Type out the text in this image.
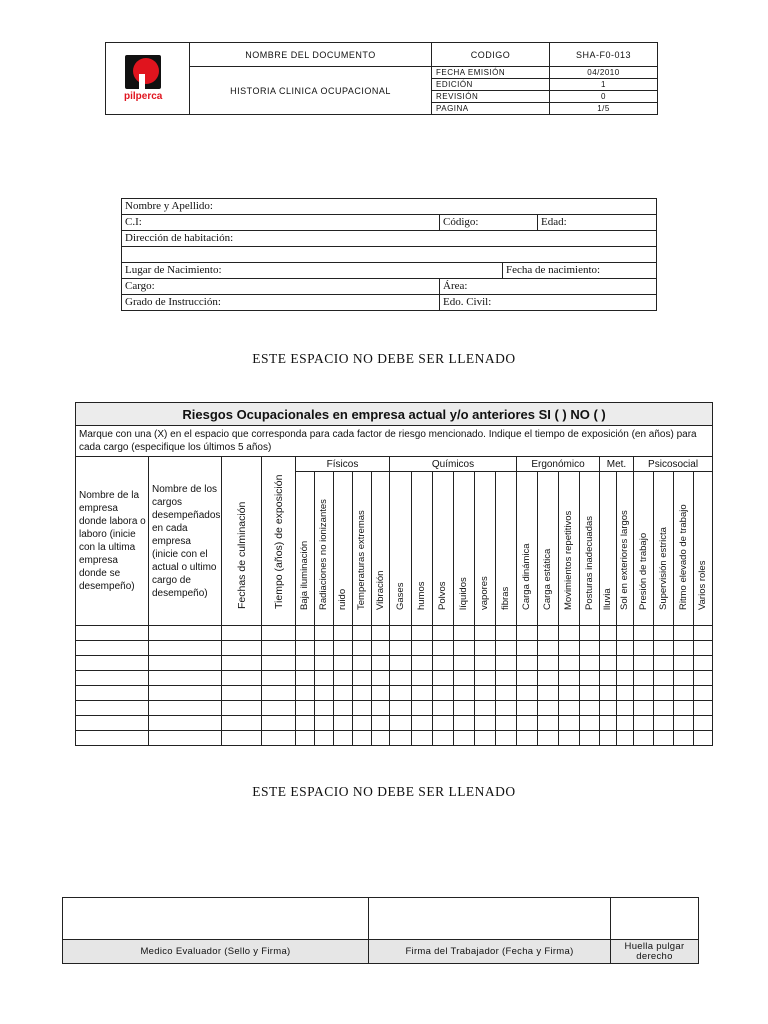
pilperca	NOMBRE DEL DOCUMENTO	CODIGO	SHA-F0-013
	HISTORIA CLINICA OCUPACIONAL		
		FECHA EMISIÓN	04/2010
		EDICIÓN	1
		REVISIÓN	0
		PAGINA	1/5
Nombre y Apellido:			
C.I:	Código:		Edad:
Dirección de habitación:			

Lugar de Nacimiento:		Fecha de nacimiento:	
Cargo:	Área:		
Grado de Instrucción:	Edo. Civil:		
ESTE ESPACIO NO DEBE SER LLENADO
Riesgos Ocupacionales en empresa actual y/o anteriores SI ( ) NO ( )																								
Marque con una (X) en el espacio que corresponda para cada factor de riesgo mencionado. Indique el tiempo de exposición (en años) para cada cargo (especifique los últimos 5 años)																								
Nombre de la empresa donde labora o laboro (inicie con la ultima empresa donde se desempeño)	Nombre de los cargos desempeñados en cada empresa (inicie con el actual o ultimo cargo de desempeño)	Fechas de culminación	Tiempo (años) de exposición	Físicos					Químicos						Ergonómico				Met.		Psicosocial			

				Baja iluminación	Radiaciones no ionizantes	ruido	Temperaturas extremas	Vibración	Gases	humos	Polvos	líquidos	vapores	fibras	Carga dinámica	Carga estática	Movimientos repetitivos	Posturas inadecuadas	lluvia	Sol en exteriores largos	Presión de trabajo	Supervisión estricta	Ritmo elevado de trabajo	Varios roles

ESTE ESPACIO NO DEBE SER LLENADO

Medico Evaluador (Sello y Firma)	Firma del Trabajador (Fecha y Firma)	Huella pulgar derecho
